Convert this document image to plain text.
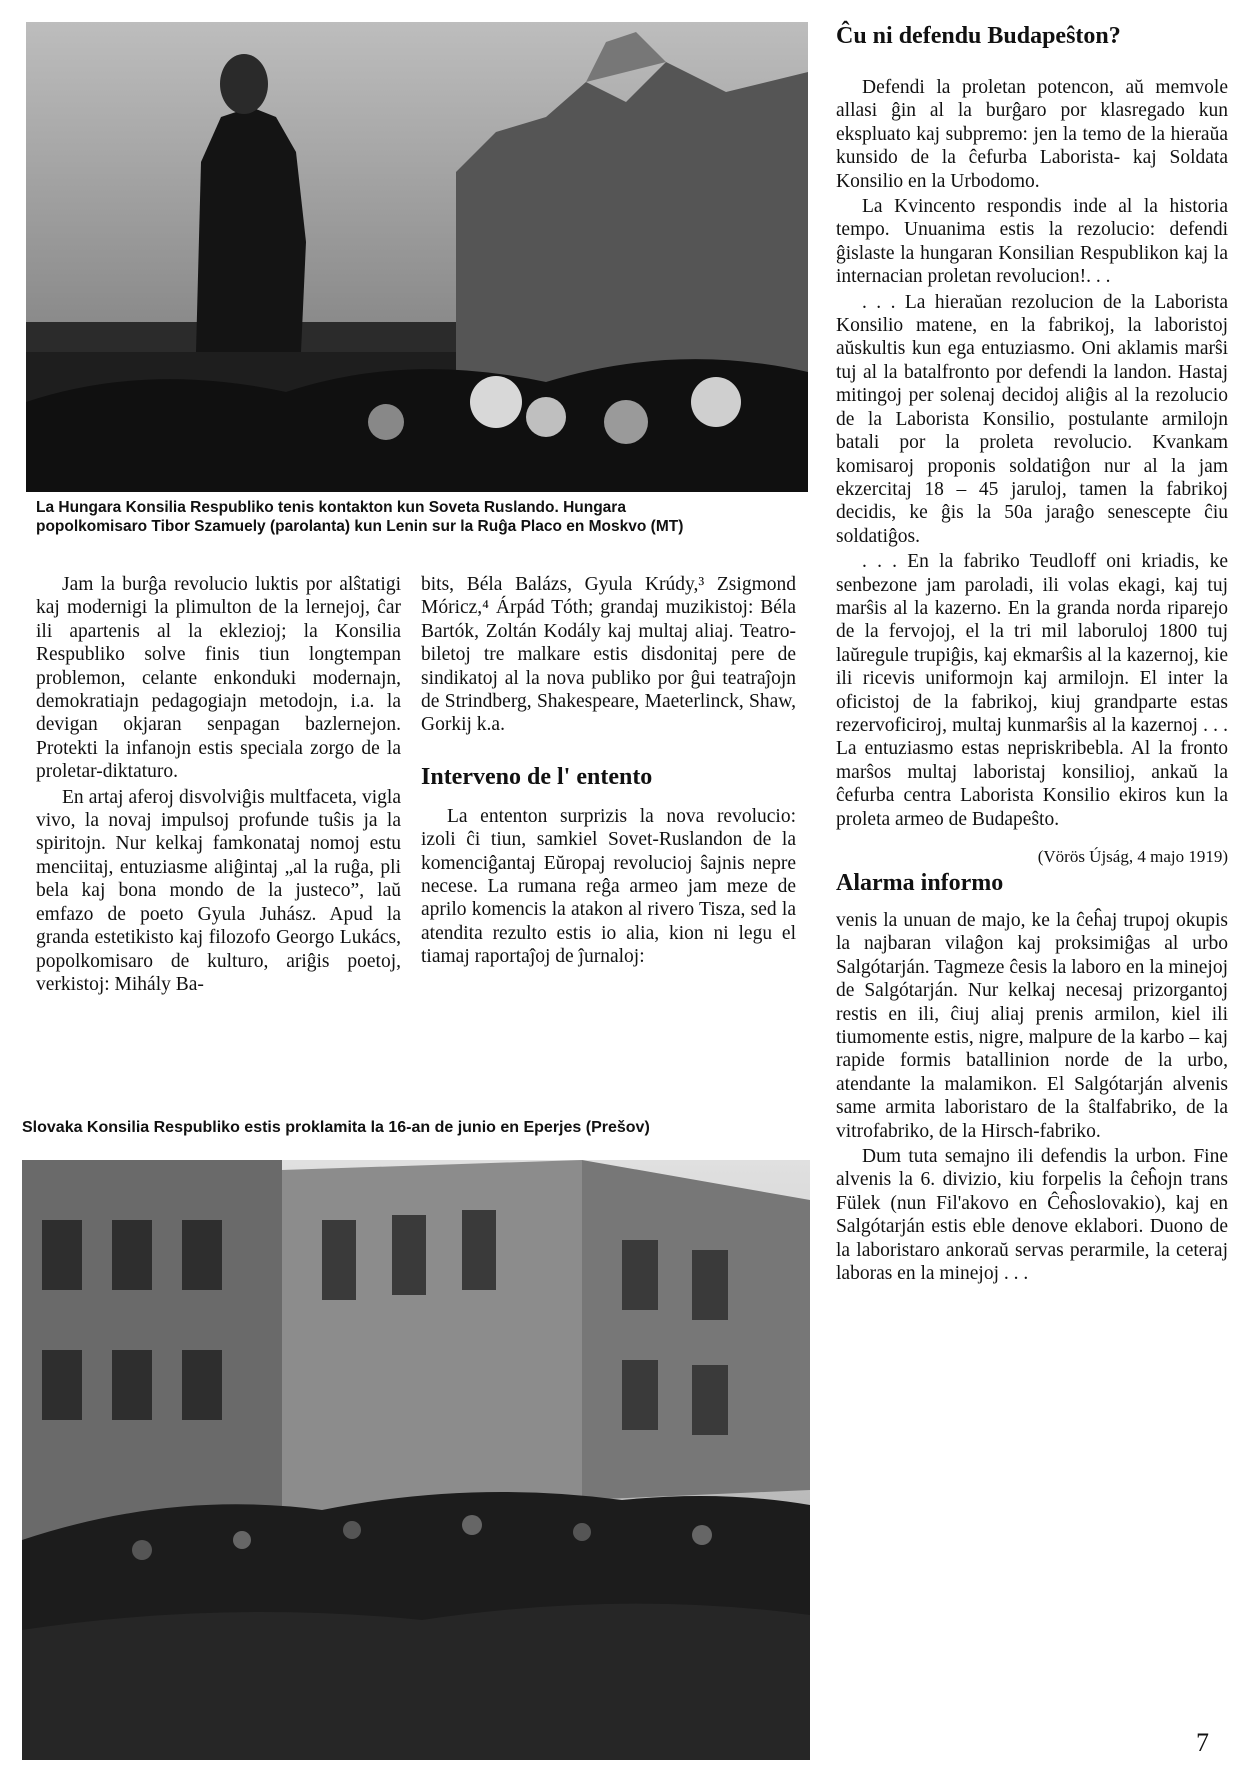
La Hungara Konsilia Respubliko tenis kontakton kun Soveta Ruslando. Hungara
popolkomisaro Tibor Szamuely (parolanta) kun Lenin sur la Ruĝa Placo en Moskvo (MT)

Jam la burĝa revolucio luktis por alŝtatigi kaj modernigi la plimulton de la lernejoj, ĉar ili apartenis al la eklezioj; la Konsilia Respubliko solve finis tiun longtempan problemon, celante enkonduki modernajn, demokratiajn pedagogiajn metodojn, i.a. la devigan okjaran senpagan bazlernejon. Protekti la infanojn estis speciala zorgo de la proletar-diktaturo.

En artaj aferoj disvolviĝis multfaceta, vigla vivo, la novaj impulsoj profunde tuŝis ja la spiritojn. Nur kelkaj famkonataj nomoj estu menciitaj, entuziasme aliĝintaj „al la ruĝa, pli bela kaj bona mondo de la justeco”, laŭ emfazo de poeto Gyula Juhász. Apud la granda estetikisto kaj filozofo Georgo Lukács, popolkomisaro de kulturo, ariĝis poetoj, verkistoj: Mihály Ba-

bits, Béla Balázs, Gyula Krúdy,³ Zsigmond Móricz,⁴ Árpád Tóth; grandaj muzikistoj: Béla Bartók, Zoltán Kodály kaj multaj aliaj. Teatro-biletoj tre malkare estis disdonitaj pere de sindikatoj al la nova publiko por ĝui teatraĵojn de Strindberg, Shakespeare, Maeterlinck, Shaw, Gorkij k.a.

Interveno de l' entento

La ententon surprizis la nova revolucio: izoli ĉi tiun, samkiel Sovet-Ruslandon de la komenciĝantaj Eŭropaj revolucioj ŝajnis nepre necese. La rumana reĝa armeo jam meze de aprilo komencis la atakon al rivero Tisza, sed la atendita rezulto estis io alia, kion ni legu el tiamaj raportaĵoj de ĵurnaloj:

Ĉu ni defendu Budapeŝton?

Defendi la proletan potencon, aŭ memvole allasi ĝin al la burĝaro por klasregado kun ekspluato kaj subpremo: jen la temo de la hieraŭa kunsido de la ĉefurba Laborista- kaj Soldata Konsilio en la Urbodomo.

La Kvincento respondis inde al la historia tempo. Unuanima estis la rezolucio: defendi ĝislaste la hungaran Konsilian Respublikon kaj la internacian proletan revolucion!. . .

. . . La hieraŭan rezolucion de la Laborista Konsilio matene, en la fabrikoj, la laboristoj aŭskultis kun ega entuziasmo. Oni aklamis marŝi tuj al la batalfronto por defendi la landon. Hastaj mitingoj per solenaj decidoj aliĝis al la rezolucio de la Laborista Konsilio, postulante armilojn batali por la proleta revolucio. Kvankam komisaroj proponis soldatiĝon nur al la jam ekzercitaj 18 – 45 jaruloj, tamen la fabrikoj decidis, ke ĝis la 50a jaraĝo senescepte ĉiu soldatiĝos.

. . . En la fabriko Teudloff oni kriadis, ke senbezone jam paroladi, ili volas ekagi, kaj tuj marŝis al la kazerno. En la granda norda riparejo de la fervojoj, el la tri mil laboruloj 1800 tuj laŭregule trupiĝis, kaj ekmarŝis al la kazernoj, kie ili ricevis uniformojn kaj armilojn. El inter la oficistoj de la fabrikoj, kiuj grandparte estas rezervoficiroj, multaj kunmarŝis al la kazernoj . . . La entuziasmo estas nepriskribebla. Al la fronto marŝos multaj laboristaj konsilioj, ankaŭ la ĉefurba centra Laborista Konsilio ekiros kun la proleta armeo de Budapeŝto.

(Vörös Újság, 4 majo 1919)
Alarma informo

venis la unuan de majo, ke la ĉeĥaj trupoj okupis la najbaran vilaĝon kaj proksimiĝas al urbo Salgótarján. Tagmeze ĉesis la laboro en la minejoj de Salgótarján. Nur kelkaj necesaj prizorgantoj restis en ili, ĉiuj aliaj prenis armilon, kiel ili tiumomente estis, nigre, malpure de la karbo – kaj rapide formis batallinion norde de la urbo, atendante la malamikon. El Salgótarján alvenis same armita laboristaro de la ŝtalfabriko, de la vitrofabriko, de la Hirsch-fabriko.

Dum tuta semajno ili defendis la urbon. Fine alvenis la 6. divizio, kiu forpelis la ĉeĥojn trans Fülek (nun Fil'akovo en Ĉeĥoslovakio), kaj en Salgótarján estis eble denove eklabori. Duono de la laboristaro ankoraŭ servas perarmile, la ceteraj laboras en la minejoj . . .

Slovaka Konsilia Respubliko estis proklamita la 16-an de junio en Eperjes (Prešov)
7
